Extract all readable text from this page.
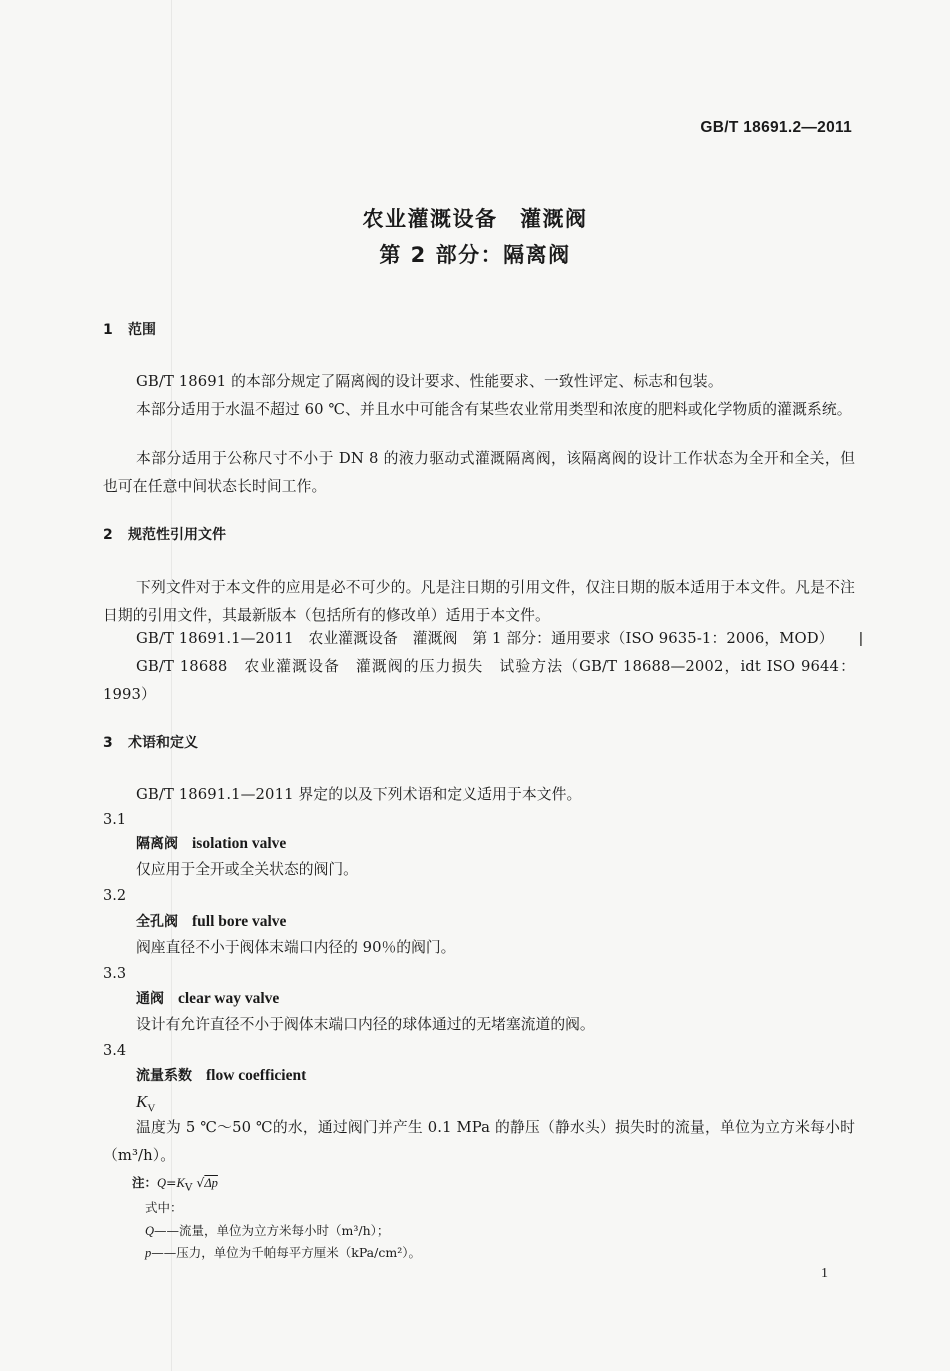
GB/T 18691.2—2011
农业灌溉设备　灌溉阀
第 2 部分：隔离阀
1 范围
GB/T 18691 的本部分规定了隔离阀的设计要求、性能要求、一致性评定、标志和包装。
本部分适用于水温不超过 60 ℃、并且水中可能含有某些农业常用类型和浓度的肥料或化学物质的灌溉系统。
本部分适用于公称尺寸不小于 DN 8 的液力驱动式灌溉隔离阀，该隔离阀的设计工作状态为全开和全关，但也可在任意中间状态长时间工作。
2 规范性引用文件
下列文件对于本文件的应用是必不可少的。凡是注日期的引用文件，仅注日期的版本适用于本文件。凡是不注日期的引用文件，其最新版本（包括所有的修改单）适用于本文件。
GB/T 18691.1—2011　农业灌溉设备　灌溉阀　第 1 部分：通用要求（ISO 9635-1：2006，MOD）	|
GB/T 18688　农业灌溉设备　灌溉阀的压力损失　试验方法（GB/T 18688—2002，idt ISO 9644：1993）
3 术语和定义
GB/T 18691.1—2011 界定的以及下列术语和定义适用于本文件。
3.1
隔离阀 isolation valve
仅应用于全开或全关状态的阀门。
3.2
全孔阀 full bore valve
阀座直径不小于阀体末端口内径的 90％的阀门。
3.3
通阀 clear way valve
设计有允许直径不小于阀体末端口内径的球体通过的无堵塞流道的阀。
3.4
流量系数 flow coefficient
$K_V$
温度为 5 ℃～50 ℃的水，通过阀门并产生 0.1 MPa 的静压（静水头）损失时的流量，单位为立方米每小时（m³/h）。
注：$Q=K_V$ √Δp
式中：
Q——流量，单位为立方米每小时（m³/h）；
p——压力，单位为千帕每平方厘米（kPa/cm²）。
1
